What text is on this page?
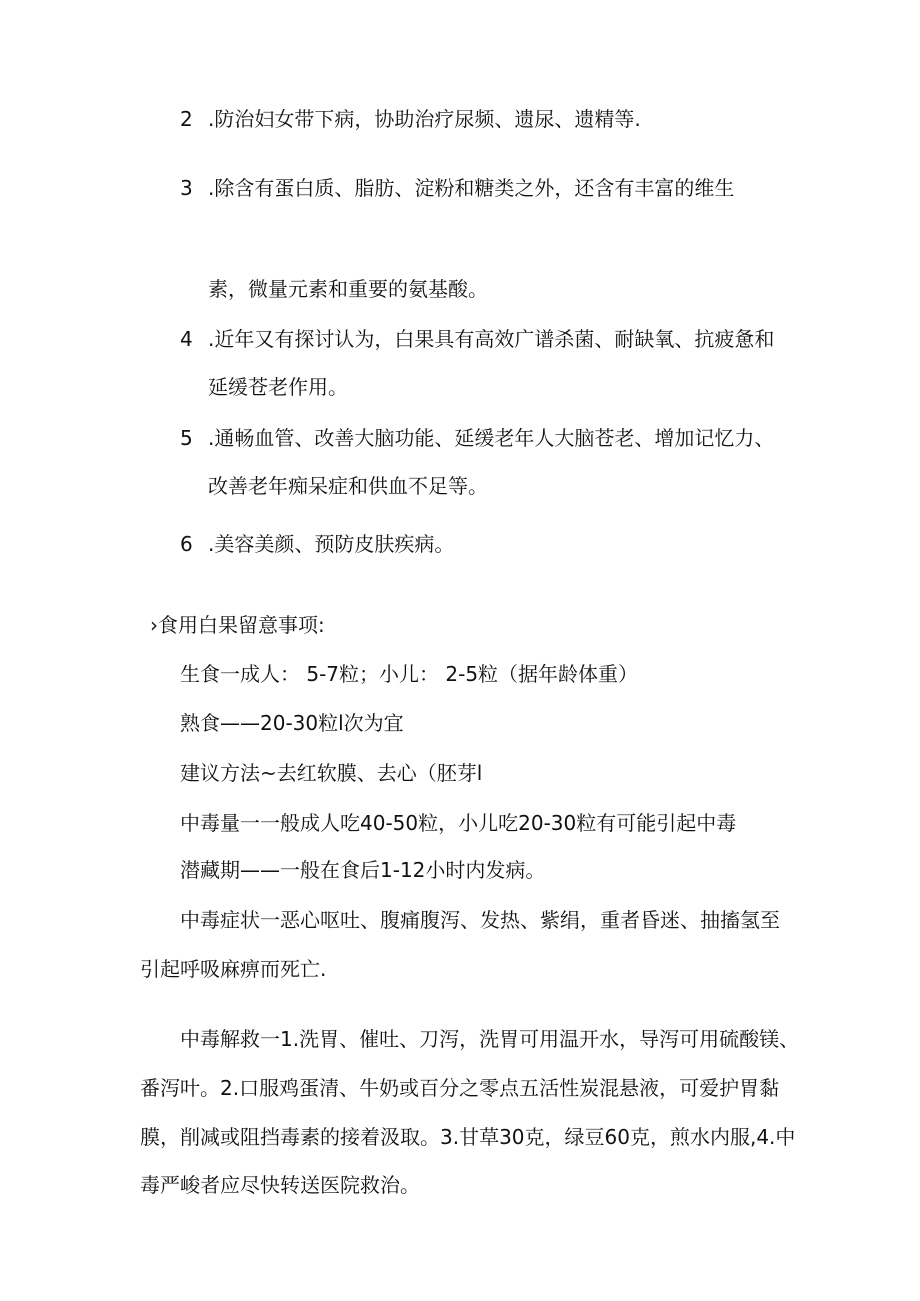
2 .防治妇女带下病，协助治疗尿频、遗尿、遗精等.
3 .除含有蛋白质、脂肪、淀粉和糖类之外，还含有丰富的维生
素，微量元素和重要的氨基酸。
4 .近年又有探讨认为，白果具有高效广谱杀菌、耐缺氧、抗疲惫和
延缓苍老作用。
5 .通畅血管、改善大脑功能、延缓老年人大脑苍老、增加记忆力、
改善老年痴呆症和供血不足等。
6 .美容美颜、预防皮肤疾病。
›食用白果留意事项:
生食一成人： 5-7粒；小儿： 2-5粒（据年龄体重）
熟食——20-30粒l次为宜
建议方法~去红软膜、去心（胚芽l
中毒量一一般成人吃40-50粒，小儿吃20-30粒有可能引起中毒
潜藏期——一般在食后1-12小时内发病。
中毒症状一恶心呕吐、腹痛腹泻、发热、紫绢，重者昏迷、抽搐氢至
引起呼吸麻痹而死亡.
中毒解救一1.洗胃、催吐、刀泻，洗胃可用温开水，导泻可用硫酸镁、
番泻叶。2.口服鸡蛋清、牛奶或百分之零点五活性炭混悬液，可爱护胃黏
膜，削减或阻挡毒素的接着汲取。3.甘草30克，绿豆60克，煎水内服,4.中
毒严峻者应尽快转送医院救治。
